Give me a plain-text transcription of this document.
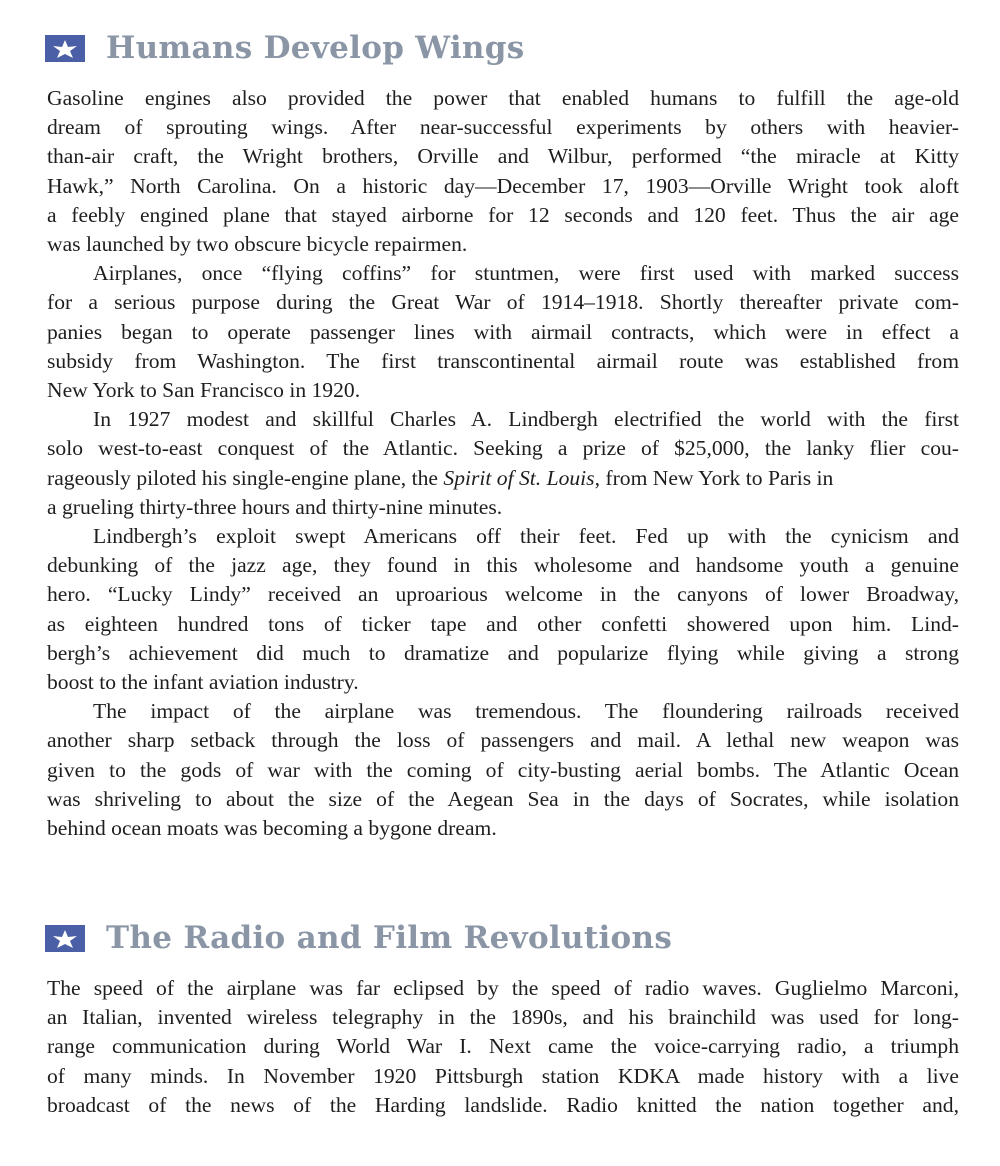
Humans Develop Wings
Gasoline engines also provided the power that enabled humans to fulfill the age-old
dream of sprouting wings. After near-successful experiments by others with heavier-
than-air craft, the Wright brothers, Orville and Wilbur, performed “the miracle at Kitty
Hawk,” North Carolina. On a historic day—December 17, 1903—Orville Wright took aloft
a feebly engined plane that stayed airborne for 12 seconds and 120 feet. Thus the air age
was launched by two obscure bicycle repairmen.
Airplanes, once “flying coffins” for stuntmen, were first used with marked success
for a serious purpose during the Great War of 1914–1918. Shortly thereafter private com-
panies began to operate passenger lines with airmail contracts, which were in effect a
subsidy from Washington. The first transcontinental airmail route was established from
New York to San Francisco in 1920.
In 1927 modest and skillful Charles A. Lindbergh electrified the world with the first
solo west-to-east conquest of the Atlantic. Seeking a prize of $25,000, the lanky flier cou-
rageously piloted his single-engine plane, the Spirit of St. Louis, from New York to Paris in
a grueling thirty-three hours and thirty-nine minutes.
Lindbergh’s exploit swept Americans off their feet. Fed up with the cynicism and
debunking of the jazz age, they found in this wholesome and handsome youth a genuine
hero. “Lucky Lindy” received an uproarious welcome in the canyons of lower Broadway,
as eighteen hundred tons of ticker tape and other confetti showered upon him. Lind-
bergh’s achievement did much to dramatize and popularize flying while giving a strong
boost to the infant aviation industry.
The impact of the airplane was tremendous. The floundering railroads received
another sharp setback through the loss of passengers and mail. A lethal new weapon was
given to the gods of war with the coming of city-busting aerial bombs. The Atlantic Ocean
was shriveling to about the size of the Aegean Sea in the days of Socrates, while isolation
behind ocean moats was becoming a bygone dream.
The Radio and Film Revolutions
The speed of the airplane was far eclipsed by the speed of radio waves. Guglielmo Marconi,
an Italian, invented wireless telegraphy in the 1890s, and his brainchild was used for long-
range communication during World War I. Next came the voice-carrying radio, a triumph
of many minds. In November 1920 Pittsburgh station KDKA made history with a live
broadcast of the news of the Harding landslide. Radio knitted the nation together and,
